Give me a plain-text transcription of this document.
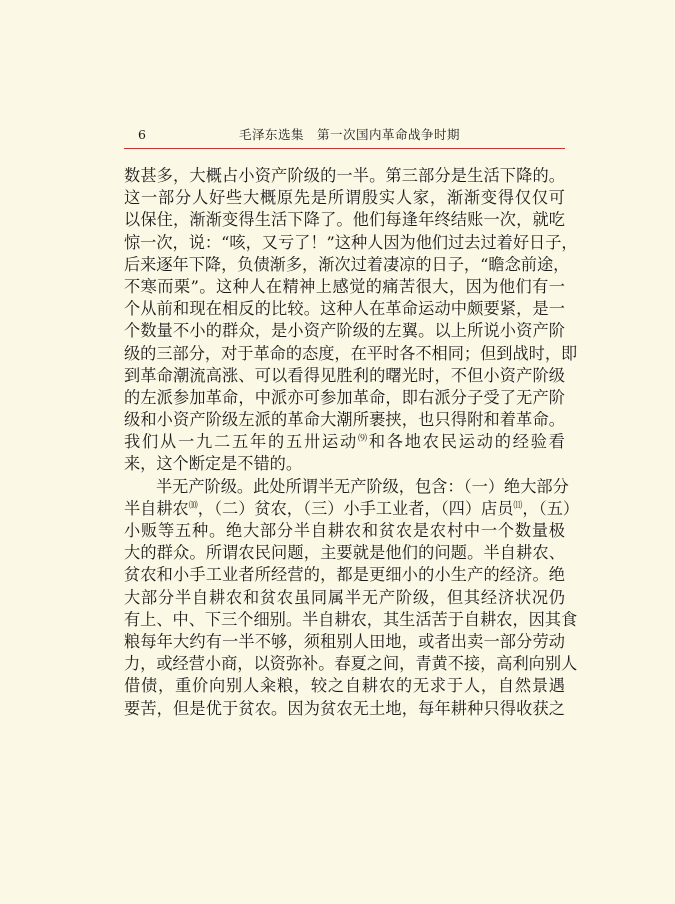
6	毛泽东选集　第一次国内革命战争时期
数甚多，大概占小资产阶级的一半。第三部分是生活下降的。
这一部分人好些大概原先是所谓殷实人家，渐渐变得仅仅可
以保住，渐渐变得生活下降了。他们每逢年终结账一次，就吃
惊一次，说：“咳，又亏了！”这种人因为他们过去过着好日子，
后来逐年下降，负债渐多，渐次过着凄凉的日子，“瞻念前途，
不寒而栗”。这种人在精神上感觉的痛苦很大，因为他们有一
个从前和现在相反的比较。这种人在革命运动中颇要紧，是一
个数量不小的群众，是小资产阶级的左翼。以上所说小资产阶
级的三部分，对于革命的态度，在平时各不相同；但到战时，即
到革命潮流高涨、可以看得见胜利的曙光时，不但小资产阶级
的左派参加革命，中派亦可参加革命，即右派分子受了无产阶
级和小资产阶级左派的革命大潮所裹挟，也只得附和着革命。
我们从一九二五年的五卅运动⑼和各地农民运动的经验看
来，这个断定是不错的。
半无产阶级。此处所谓半无产阶级，包含：（一）绝大部分
半自耕农⑽，（二）贫农，（三）小手工业者，（四）店员⑾，（五）
小贩等五种。绝大部分半自耕农和贫农是农村中一个数量极
大的群众。所谓农民问题，主要就是他们的问题。半自耕农、
贫农和小手工业者所经营的，都是更细小的小生产的经济。绝
大部分半自耕农和贫农虽同属半无产阶级，但其经济状况仍
有上、中、下三个细别。半自耕农，其生活苦于自耕农，因其食
粮每年大约有一半不够，须租别人田地，或者出卖一部分劳动
力，或经营小商，以资弥补。春夏之间，青黄不接，高利向别人
借债，重价向别人籴粮，较之自耕农的无求于人，自然景遇
要苦，但是优于贫农。因为贫农无土地，每年耕种只得收获之
